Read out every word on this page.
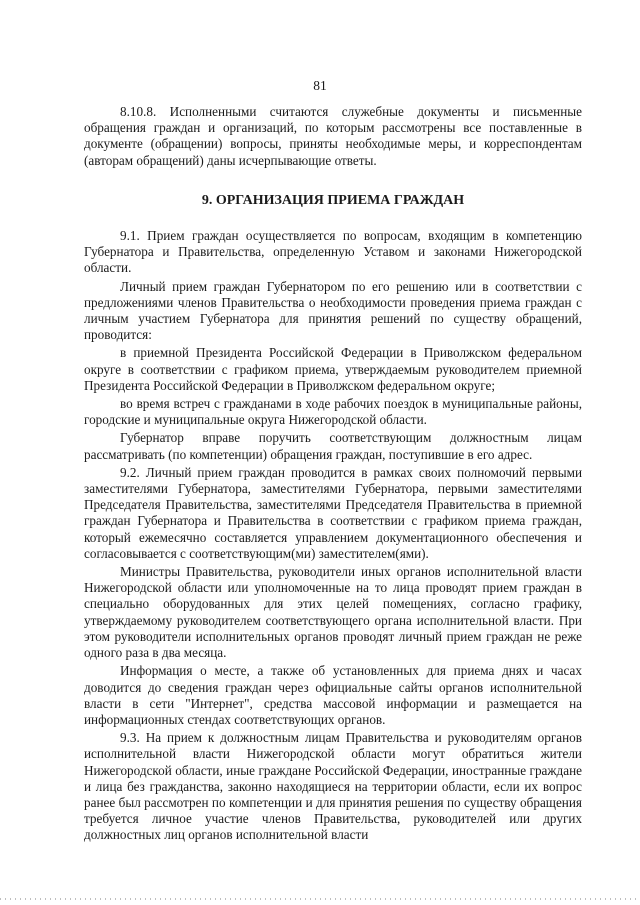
81

8.10.8. Исполненными считаются служебные документы и письменные обращения граждан и организаций, по которым рассмотрены все поставленные в документе (обращении) вопросы, приняты необходимые меры, и корреспондентам (авторам обращений) даны исчерпывающие ответы.

9. ОРГАНИЗАЦИЯ ПРИЕМА ГРАЖДАН

9.1. Прием граждан осуществляется по вопросам, входящим в компетенцию Губернатора и Правительства, определенную Уставом и законами Нижегородской области.

Личный прием граждан Губернатором по его решению или в соответствии с предложениями членов Правительства о необходимости проведения приема граждан с личным участием Губернатора для принятия решений по существу обращений, проводится:

в приемной Президента Российской Федерации в Приволжском федеральном округе в соответствии с графиком приема, утверждаемым руководителем приемной Президента Российской Федерации в Приволжском федеральном округе;

во время встреч с гражданами в ходе рабочих поездок в муниципальные районы, городские и муниципальные округа Нижегородской области.

Губернатор вправе поручить соответствующим должностным лицам рассматривать (по компетенции) обращения граждан, поступившие в его адрес.

9.2. Личный прием граждан проводится в рамках своих полномочий первыми заместителями Губернатора, заместителями Губернатора, первыми заместителями Председателя Правительства, заместителями Председателя Правительства в приемной граждан Губернатора и Правительства в соответствии с графиком приема граждан, который ежемесячно составляется управлением документационного обеспечения и согласовывается с соответствующим(ми) заместителем(ями).

Министры Правительства, руководители иных органов исполнительной власти Нижегородской области или уполномоченные на то лица проводят прием граждан в специально оборудованных для этих целей помещениях, согласно графику, утверждаемому руководителем соответствующего органа исполнительной власти. При этом руководители исполнительных органов проводят личный прием граждан не реже одного раза в два месяца.

Информация о месте, а также об установленных для приема днях и часах доводится до сведения граждан через официальные сайты органов исполнительной власти в сети "Интернет", средства массовой информации и размещается на информационных стендах соответствующих органов.

9.3. На прием к должностным лицам Правительства и руководителям органов исполнительной власти Нижегородской области могут обратиться жители Нижегородской области, иные граждане Российской Федерации, иностранные граждане и лица без гражданства, законно находящиеся на территории области, если их вопрос ранее был рассмотрен по компетенции и для принятия решения по существу обращения требуется личное участие членов Правительства, руководителей или других должностных лиц органов исполнительной власти
